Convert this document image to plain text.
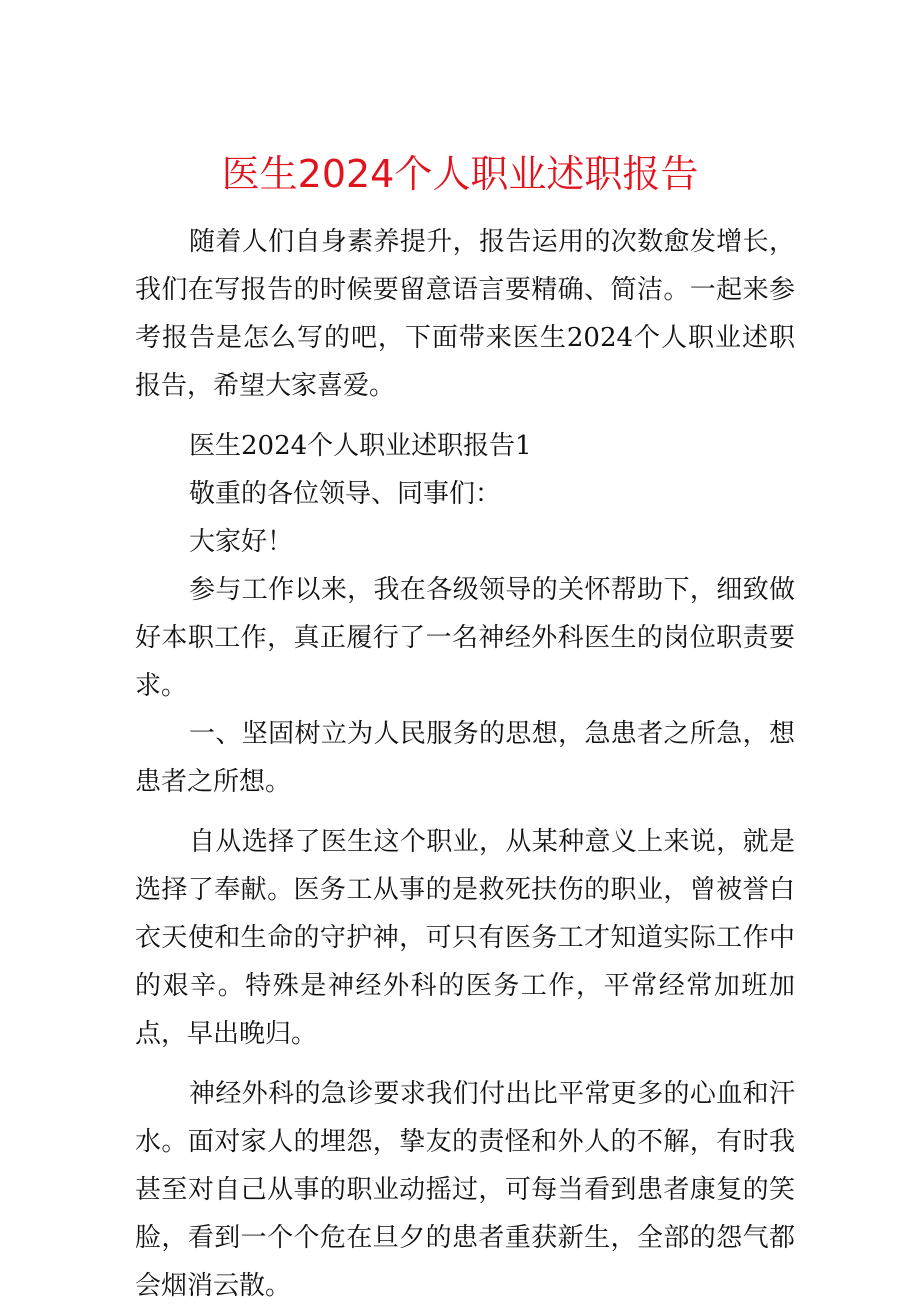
医生2024个人职业述职报告

随着人们自身素养提升，报告运用的次数愈发增长，我们在写报告的时候要留意语言要精确、简洁。一起来参考报告是怎么写的吧，下面带来医生2024个人职业述职报告，希望大家喜爱。

医生2024个人职业述职报告1

敬重的各位领导、同事们：

大家好！

参与工作以来，我在各级领导的关怀帮助下，细致做好本职工作，真正履行了一名神经外科医生的岗位职责要求。

一、坚固树立为人民服务的思想，急患者之所急，想患者之所想。

自从选择了医生这个职业，从某种意义上来说，就是选择了奉献。医务工从事的是救死扶伤的职业，曾被誉白衣天使和生命的守护神，可只有医务工才知道实际工作中的艰辛。特殊是神经外科的医务工作，平常经常加班加点，早出晚归。

神经外科的急诊要求我们付出比平常更多的心血和汗水。面对家人的埋怨，挚友的责怪和外人的不解，有时我甚至对自己从事的职业动摇过，可每当看到患者康复的笑脸，看到一个个危在旦夕的患者重获新生，全部的怨气都会烟消云散。
